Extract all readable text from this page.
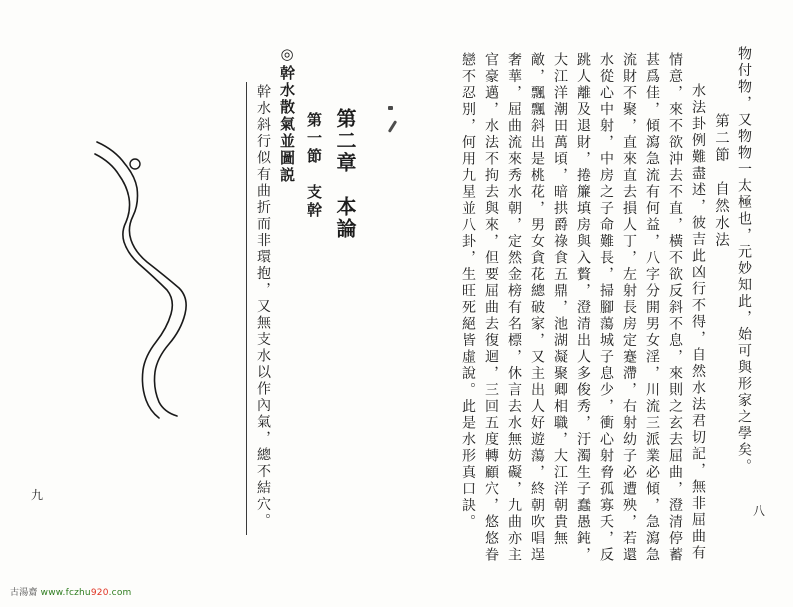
物付物，又物物一太極也，元妙知此，始可與形家之學矣。
第二節　自然水法
水法卦例難盡述，彼吉此凶行不得，自然水法君切記，無非屈曲有
情意，來不欲沖去不直，橫不欲反斜不息，來則之玄去屈曲，澄清停蓄
甚爲佳，傾瀉急流有何益，八字分開男女淫，川流三派業必傾，急瀉急
流財不聚，直來直去損人丁，左射長房定蹇滯，右射幼子必遭殃，若還
水從心中射，中房之子命難長，掃腳蕩城子息少，衝心射脅孤寡夭，反
跳人離及退財，捲簾填房與入贅，澄清出人多俊秀，汙濁生子蠢愚鈍，
大江洋潮田萬頃，暗拱爵祿食五鼎，池湖凝聚卿相職，大江洋朝貴無
敵，飄飄斜出是桃花，男女貪花總破家，又主出人好遊蕩，終朝吹唱逞
奢華，屈曲流來秀水朝，定然金榜有名標，休言去水無妨礙，九曲亦主
官豪邁，水法不拘去與來，但要屈曲去復迴，三回五度轉顧穴，悠悠眷
戀不忍別，何用九星並八卦，生旺死絕皆虛說。此是水形真口訣。	八
第二章　本論
第一節　支幹
◎幹水散氣並圖説
幹水斜行似有曲折而非環抱，又無支水以作內氣，總不結穴。
九
古湯齋 www.fczhu920.com
